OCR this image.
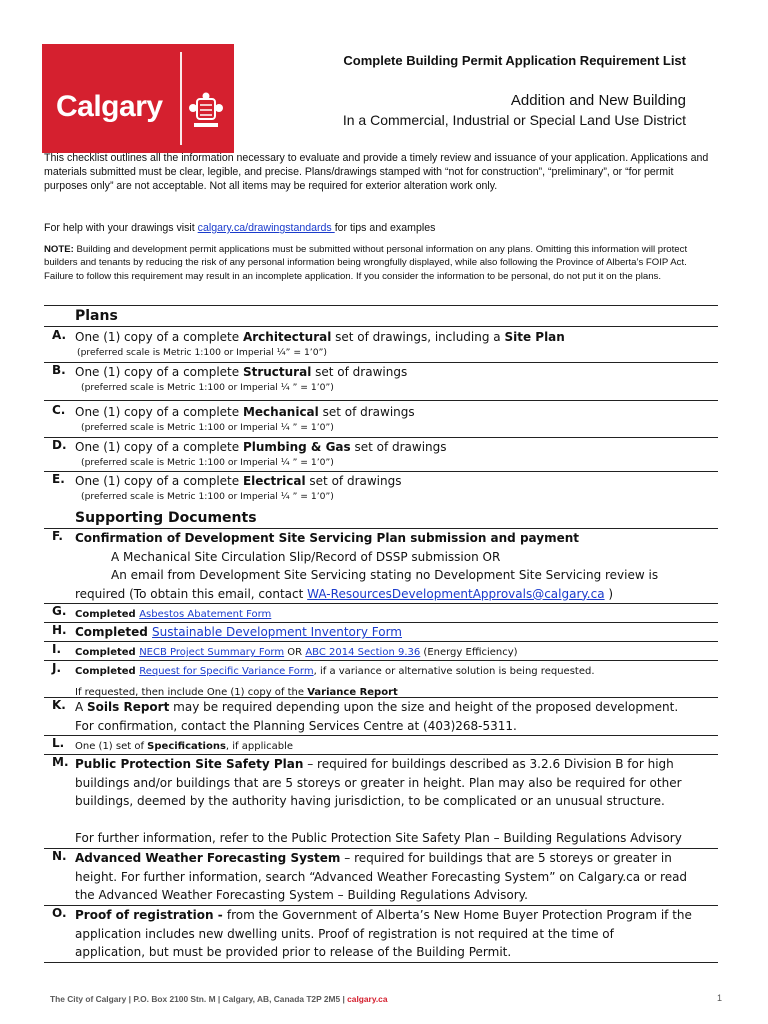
Calgary
Complete Building Permit Application Requirement List
Addition and New Building
In a Commercial, Industrial or Special Land Use District
This checklist outlines all the information necessary to evaluate and provide a timely review and issuance of your application. Applications and materials submitted must be clear, legible, and precise. Plans/drawings stamped with “not for construction”, “preliminary”, or “for permit purposes only” are not acceptable. Not all items may be required for exterior alteration work only.
For help with your drawings visit calgary.ca/drawingstandards for tips and examples
NOTE: Building and development permit applications must be submitted without personal information on any plans. Omitting this information will protect builders and tenants by reducing the risk of any personal information being wrongfully displayed, while also following the Province of Alberta’s FOIP Act. Failure to follow this requirement may result in an incomplete application. If you consider the information to be personal, do not put it on the plans.
Plans
A. One (1) copy of a complete Architectural set of drawings, including a Site Plan
(preferred scale is Metric 1:100 or Imperial ¼” = 1’0”)
B. One (1) copy of a complete Structural set of drawings
(preferred scale is Metric 1:100 or Imperial ¼ ” = 1’0”)
C. One (1) copy of a complete Mechanical set of drawings
(preferred scale is Metric 1:100 or Imperial ¼ ” = 1’0”)
D. One (1) copy of a complete Plumbing & Gas set of drawings
(preferred scale is Metric 1:100 or Imperial ¼ ” = 1’0”)
E. One (1) copy of a complete Electrical set of drawings
(preferred scale is Metric 1:100 or Imperial ¼ ” = 1’0”)
Supporting Documents
F. Confirmation of Development Site Servicing Plan submission and payment
A Mechanical Site Circulation Slip/Record of DSSP submission OR
An email from Development Site Servicing stating no Development Site Servicing review is
required (To obtain this email, contact WA-ResourcesDevelopmentApprovals@calgary.ca )
G. Completed Asbestos Abatement Form
H. Completed Sustainable Development Inventory Form
I. Completed NECB Project Summary Form OR ABC 2014 Section 9.36 (Energy Efficiency)
J. Completed Request for Specific Variance Form, if a variance or alternative solution is being requested.
If requested, then include One (1) copy of the Variance Report
K. A Soils Report may be required depending upon the size and height of the proposed development.
For confirmation, contact the Planning Services Centre at (403)268-5311.
L. One (1) set of Specifications, if applicable
M. Public Protection Site Safety Plan – required for buildings described as 3.2.6 Division B for high
buildings and/or buildings that are 5 storeys or greater in height. Plan may also be required for other
buildings, deemed by the authority having jurisdiction, to be complicated or an unusual structure.

For further information, refer to the Public Protection Site Safety Plan – Building Regulations Advisory
N. Advanced Weather Forecasting System – required for buildings that are 5 storeys or greater in
height. For further information, search “Advanced Weather Forecasting System” on Calgary.ca or read
the Advanced Weather Forecasting System – Building Regulations Advisory.
O. Proof of registration - from the Government of Alberta’s New Home Buyer Protection Program if the
application includes new dwelling units. Proof of registration is not required at the time of
application, but must be provided prior to release of the Building Permit.
The City of Calgary | P.O. Box 2100 Stn. M | Calgary, AB, Canada T2P 2M5 | calgary.ca	1
